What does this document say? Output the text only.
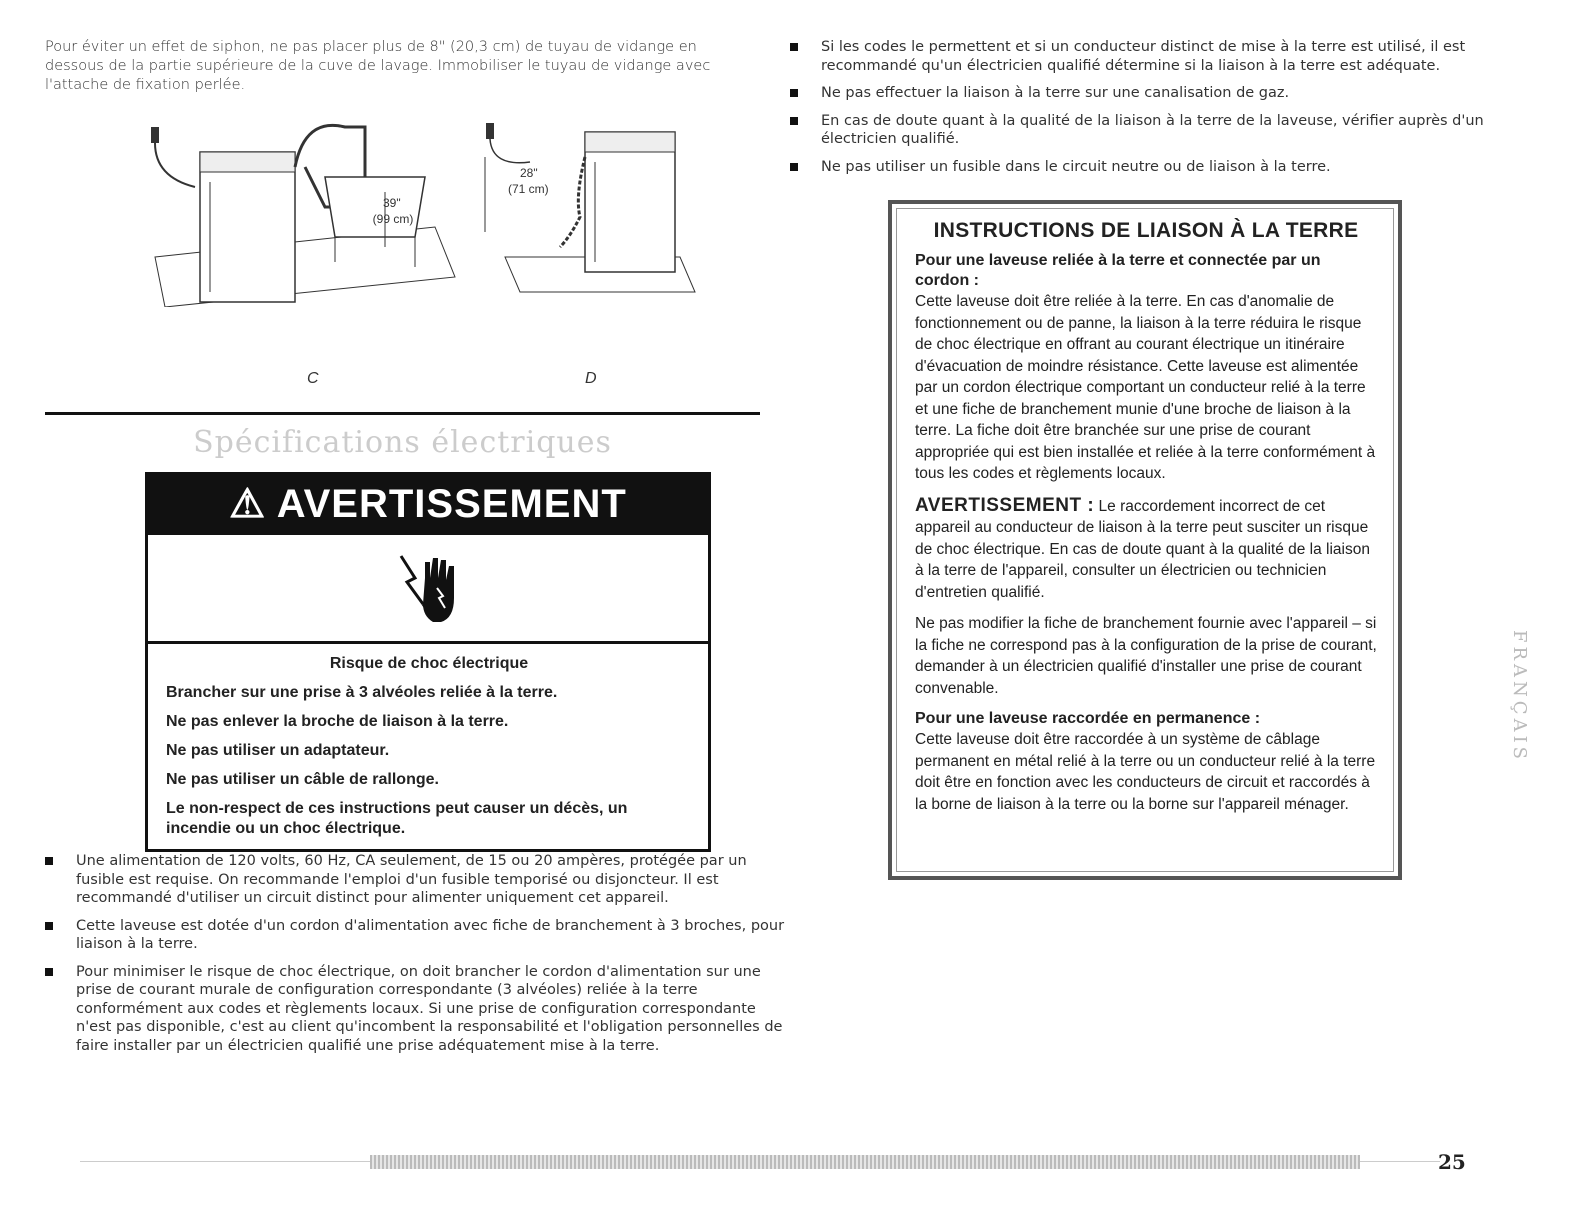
Pour éviter un effet de siphon, ne pas placer plus de 8" (20,3 cm) de tuyau de vidange en dessous de la partie supérieure de la cuve de lavage. Immobiliser le tuyau de vidange avec l'attache de fixation perlée.

39"
(99 cm)
28"
(71 cm)
C	D
Spécifications électriques
⚠ AVERTISSEMENT

Risque de choc électrique

Brancher sur une prise à 3 alvéoles reliée à la terre.

Ne pas enlever la broche de liaison à la terre.

Ne pas utiliser un adaptateur.

Ne pas utiliser un câble de rallonge.

Le non-respect de ces instructions peut causer un décès, un incendie ou un choc électrique.

Une alimentation de 120 volts, 60 Hz, CA seulement, de 15 ou 20 ampères, protégée par un fusible est requise. On recommande l'emploi d'un fusible temporisé ou disjoncteur. Il est recommandé d'utiliser un circuit distinct pour alimenter uniquement cet appareil.
Cette laveuse est dotée d'un cordon d'alimentation avec fiche de branchement à 3 broches, pour liaison à la terre.
Pour minimiser le risque de choc électrique, on doit brancher le cordon d'alimentation sur une prise de courant murale de configuration correspondante (3 alvéoles) reliée à la terre conformément aux codes et règlements locaux. Si une prise de configuration correspondante n'est pas disponible, c'est au client qu'incombent la responsabilité et l'obligation personnelles de faire installer par un électricien qualifié une prise adéquatement mise à la terre.
Si les codes le permettent et si un conducteur distinct de mise à la terre est utilisé, il est recommandé qu'un électricien qualifié détermine si la liaison à la terre est adéquate.
Ne pas effectuer la liaison à la terre sur une canalisation de gaz.
En cas de doute quant à la qualité de la liaison à la terre de la laveuse, vérifier auprès d'un électricien qualifié.
Ne pas utiliser un fusible dans le circuit neutre ou de liaison à la terre.
INSTRUCTIONS DE LIAISON À LA TERRE

Pour une laveuse reliée à la terre et connectée par un cordon :

Cette laveuse doit être reliée à la terre. En cas d'anomalie de fonctionnement ou de panne, la liaison à la terre réduira le risque de choc électrique en offrant au courant électrique un itinéraire d'évacuation de moindre résistance. Cette laveuse est alimentée par un cordon électrique comportant un conducteur relié à la terre et une fiche de branchement munie d'une broche de liaison à la terre. La fiche doit être branchée sur une prise de courant appropriée qui est bien installée et reliée à la terre conformément à tous les codes et règlements locaux.

AVERTISSEMENT : Le raccordement incorrect de cet appareil au conducteur de liaison à la terre peut susciter un risque de choc électrique. En cas de doute quant à la qualité de la liaison à la terre de l'appareil, consulter un électricien ou technicien d'entretien qualifié.

Ne pas modifier la fiche de branchement fournie avec l'appareil – si la fiche ne correspond pas à la configuration de la prise de courant, demander à un électricien qualifié d'installer une prise de courant convenable.

Pour une laveuse raccordée en permanence :

Cette laveuse doit être raccordée à un système de câblage permanent en métal relié à la terre ou un conducteur relié à la terre doit être en fonction avec les conducteurs de circuit et raccordés à la borne de liaison à la terre ou la borne sur l'appareil ménager.

FRANÇAIS
25
